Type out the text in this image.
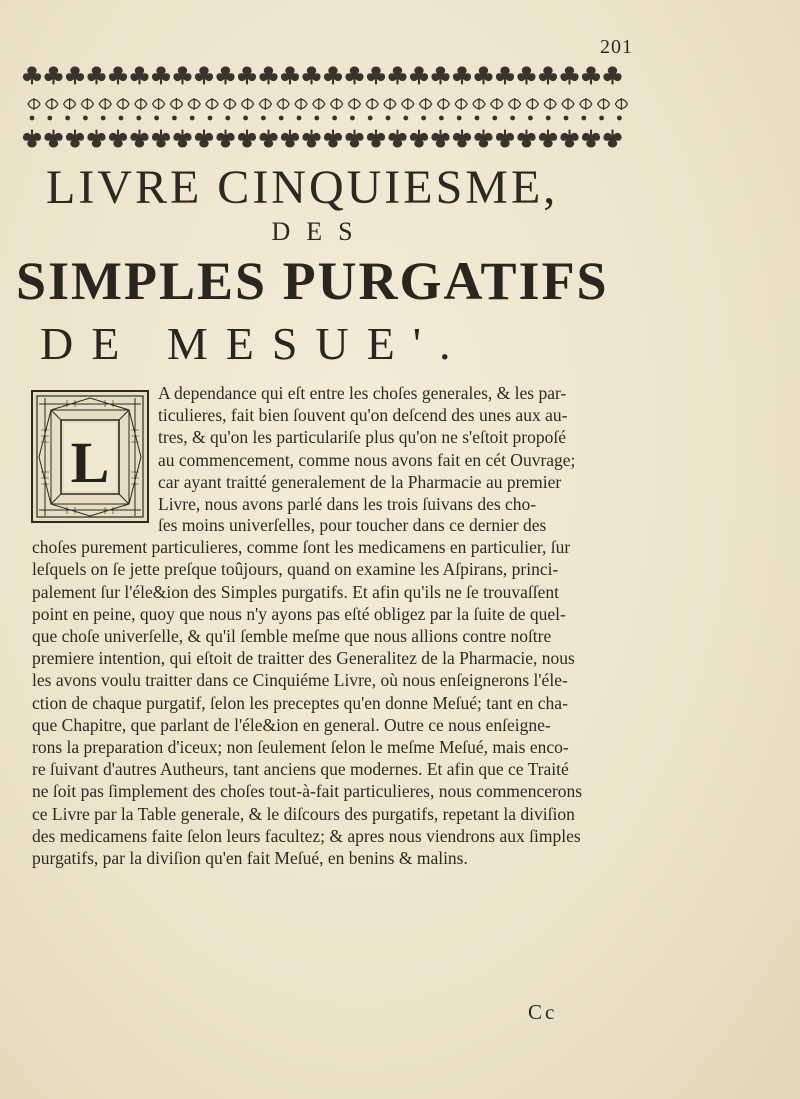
201
LIVRE CINQUIESME,
DES
SIMPLES PURGATIFS
DE MESUE'.
L
A dependance qui eſt entre les choſes generales, & les par-
ticulieres, fait bien ſouvent qu'on deſcend des unes aux au-
tres, & qu'on les particulariſe plus qu'on ne s'eſtoit propoſé
au commencement, comme nous avons fait en cét Ouvrage;
car ayant traitté generalement de la Pharmacie au premier
Livre, nous avons parlé dans les trois ſuivans des cho-
ſes moins univerſelles, pour toucher dans ce dernier des
choſes purement particulieres, comme ſont les medicamens en particulier, ſur
leſquels on ſe jette preſque toûjours, quand on examine les Aſpirans, princi-
palement ſur l'éle&ion des Simples purgatifs. Et afin qu'ils ne ſe trouvaſſent
point en peine, quoy que nous n'y ayons pas eſté obligez par la ſuite de quel-
que choſe univerſelle, & qu'il ſemble meſme que nous allions contre noſtre
premiere intention, qui eſtoit de traitter des Generalitez de la Pharmacie, nous
les avons voulu traitter dans ce Cinquiéme Livre, où nous enſeignerons l'éle-
ction de chaque purgatif, ſelon les preceptes qu'en donne Meſué; tant en cha-
que Chapitre, que parlant de l'éle&ion en general. Outre ce nous enſeigne-
rons la preparation d'iceux; non ſeulement ſelon le meſme Meſué, mais enco-
re ſuivant d'autres Autheurs, tant anciens que modernes. Et afin que ce Traité
ne ſoit pas ſimplement des choſes tout-à-fait particulieres, nous commencerons
ce Livre par la Table generale, & le diſcours des purgatifs, repetant la diviſion
des medicamens faite ſelon leurs facultez; & apres nous viendrons aux ſimples
purgatifs, par la diviſion qu'en fait Meſué, en benins & malins.
Cc
